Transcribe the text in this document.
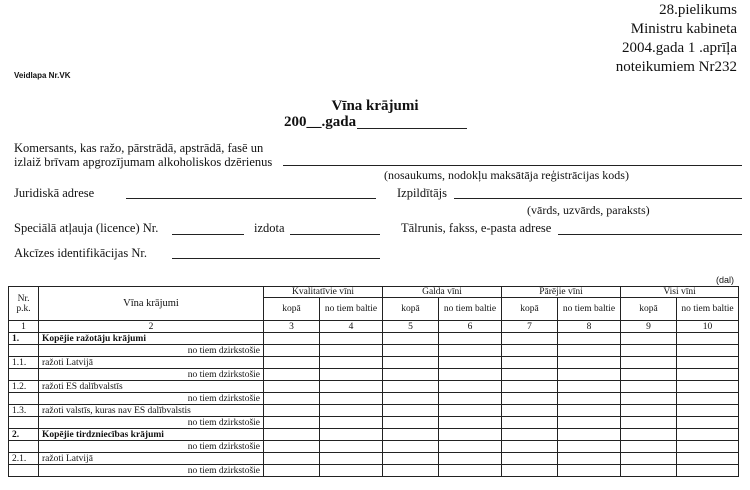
28.pielikums
Ministru kabineta
2004.gada 1 .aprīļa
noteikumiem Nr232
Veidlapa Nr.VK
Vīna krājumi
200__.gada
Komersants, kas ražo, pārstrādā, apstrādā, fasē un
izlaiž brīvam apgrozījumam alkoholiskos dzērienus
(nosaukums, nodokļu maksātāja reģistrācijas kods)
Juridiskā adrese	Izpildītājs
(vārds, uzvārds, paraksts)
Speciālā atļauja (licence) Nr.	izdota	Tālrunis, fakss, e-pasta adrese
Akcīzes identifikācijas Nr.
(dal)
Nr. p.k.	Vīna krājumi	Kvalitatīvie vīni		Galda vīni		Pārējie vīni		Visi vīni	
		kopā	no tiem baltie	kopā	no tiem baltie	kopā	no tiem baltie	kopā	no tiem baltie
1	2	3	4	5	6	7	8	9	10
1.	Kopējie ražotāju krājumi								
	no tiem dzirkstošie								
1.1.	ražoti Latvijā								
	no tiem dzirkstošie								
1.2.	ražoti ES dalībvalstīs								
	no tiem dzirkstošie								
1.3.	ražoti valstīs, kuras nav ES dalībvalstis								
	no tiem dzirkstošie								
2.	Kopējie tirdzniecības krājumi								
	no tiem dzirkstošie								
2.1.	ražoti Latvijā								
	no tiem dzirkstošie								
